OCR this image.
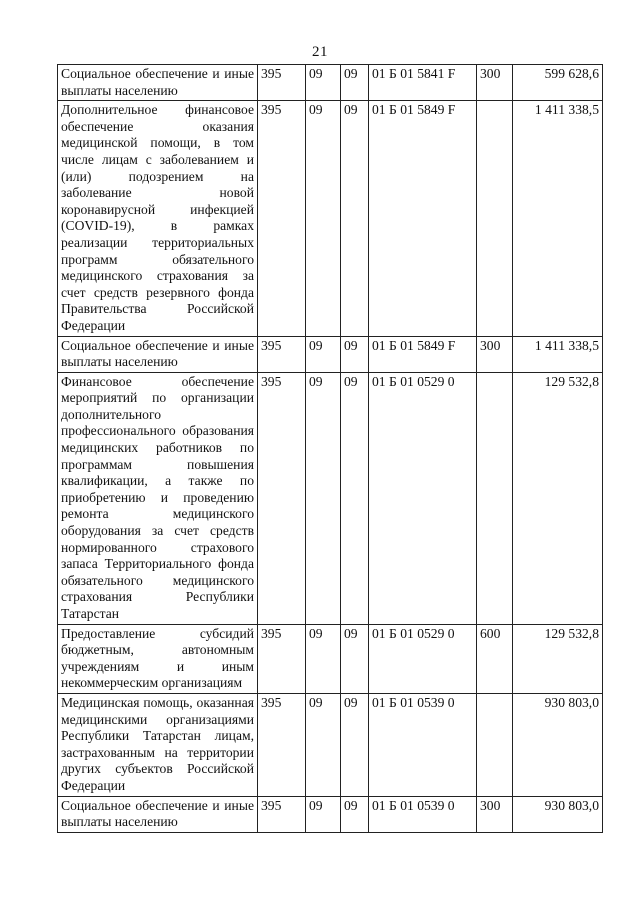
21
Социальное обеспечение и иные выплаты населению	395	09	09	01 Б 01 5841 F	300	599 628,6
Дополнительное финансовое обеспечение оказания медицинской помощи, в том числе лицам с заболеванием и (или) подозрением на заболевание новой коронавирусной инфекцией (COVID-19), в рамках реализации территориальных программ обязательного медицинского страхования за счет средств резервного фонда Правительства Российской Федерации	395	09	09	01 Б 01 5849 F		1 411 338,5
Социальное обеспечение и иные выплаты населению	395	09	09	01 Б 01 5849 F	300	1 411 338,5
Финансовое обеспечение мероприятий по организации дополнительного профессионального образования медицинских работников по программам повышения квалификации, а также по приобретению и проведению ремонта медицинского оборудования за счет средств нормированного страхового запаса Территориального фонда обязательного медицинского страхования Республики Татарстан	395	09	09	01 Б 01 0529 0		129 532,8
Предоставление субсидий бюджетным, автономным учреждениям и иным некоммерческим организациям	395	09	09	01 Б 01 0529 0	600	129 532,8
Медицинская помощь, оказанная медицинскими организациями Республики Татарстан лицам, застрахованным на территории других субъектов Российской Федерации	395	09	09	01 Б 01 0539 0		930 803,0
Социальное обеспечение и иные выплаты населению	395	09	09	01 Б 01 0539 0	300	930 803,0
